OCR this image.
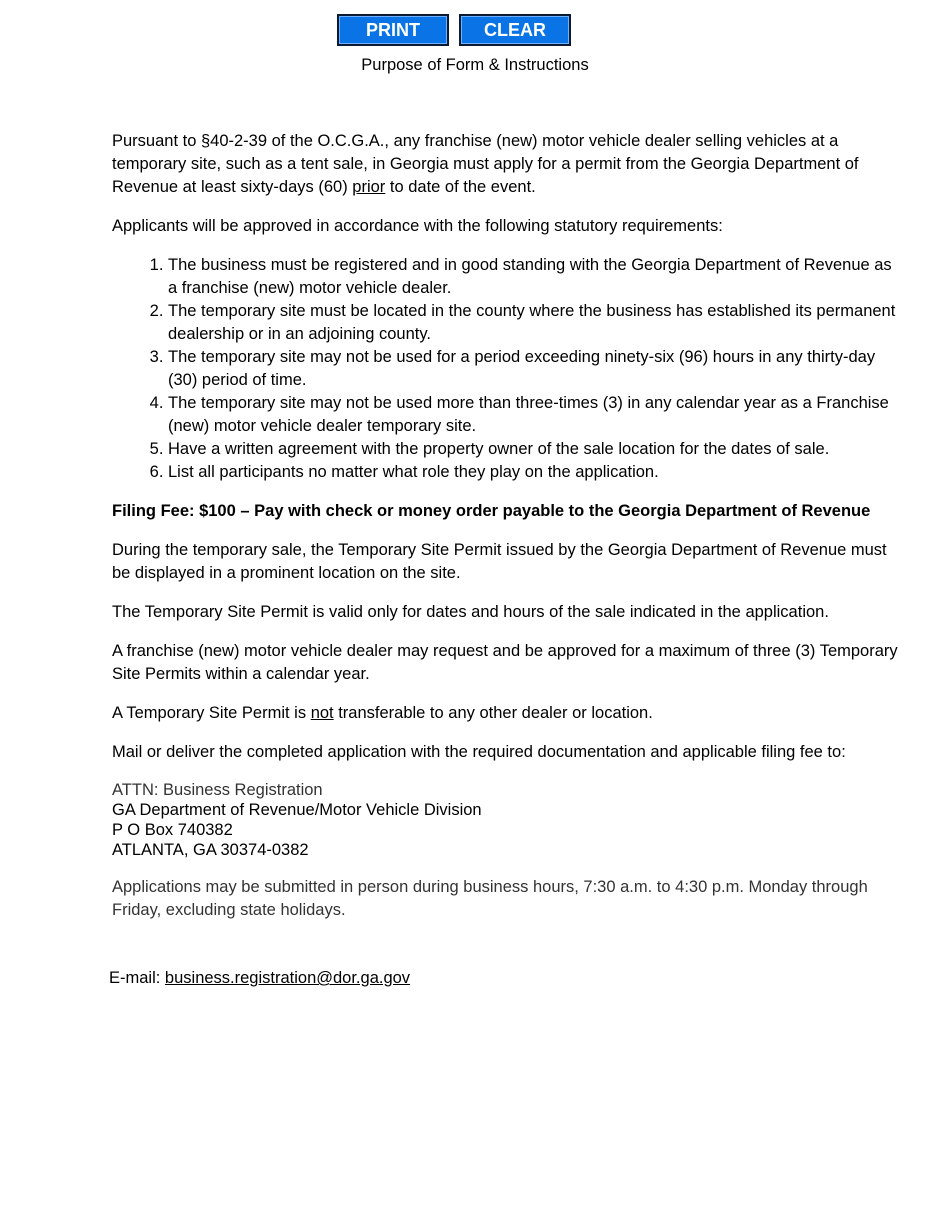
PRINT	CLEAR
Purpose of Form & Instructions

Pursuant to §40-2-39 of the O.C.G.A., any franchise (new) motor vehicle dealer selling vehicles at a temporary site, such as a tent sale, in Georgia must apply for a permit from the Georgia Department of Revenue at least sixty-days (60) prior to date of the event.

Applicants will be approved in accordance with the following statutory requirements:

1. The business must be registered and in good standing with the Georgia Department of Revenue as a franchise (new) motor vehicle dealer.
2. The temporary site must be located in the county where the business has established its permanent dealership or in an adjoining county.
3. The temporary site may not be used for a period exceeding ninety-six (96) hours in any thirty-day (30) period of time.
4. The temporary site may not be used more than three-times (3) in any calendar year as a Franchise (new) motor vehicle dealer temporary site.
5. Have a written agreement with the property owner of the sale location for the dates of sale.
6. List all participants no matter what role they play on the application.

Filing Fee: $100 – Pay with check or money order payable to the Georgia Department of Revenue

During the temporary sale, the Temporary Site Permit issued by the Georgia Department of Revenue must be displayed in a prominent location on the site.

The Temporary Site Permit is valid only for dates and hours of the sale indicated in the application.

A franchise (new) motor vehicle dealer may request and be approved for a maximum of three (3) Temporary Site Permits within a calendar year.

A Temporary Site Permit is not transferable to any other dealer or location.

Mail or deliver the completed application with the required documentation and applicable filing fee to:

ATTN: Business Registration
GA Department of Revenue/Motor Vehicle Division
P O Box 740382
ATLANTA, GA 30374-0382

Applications may be submitted in person during business hours, 7:30 a.m. to 4:30 p.m. Monday through Friday, excluding state holidays.

E-mail: business.registration@dor.ga.gov
